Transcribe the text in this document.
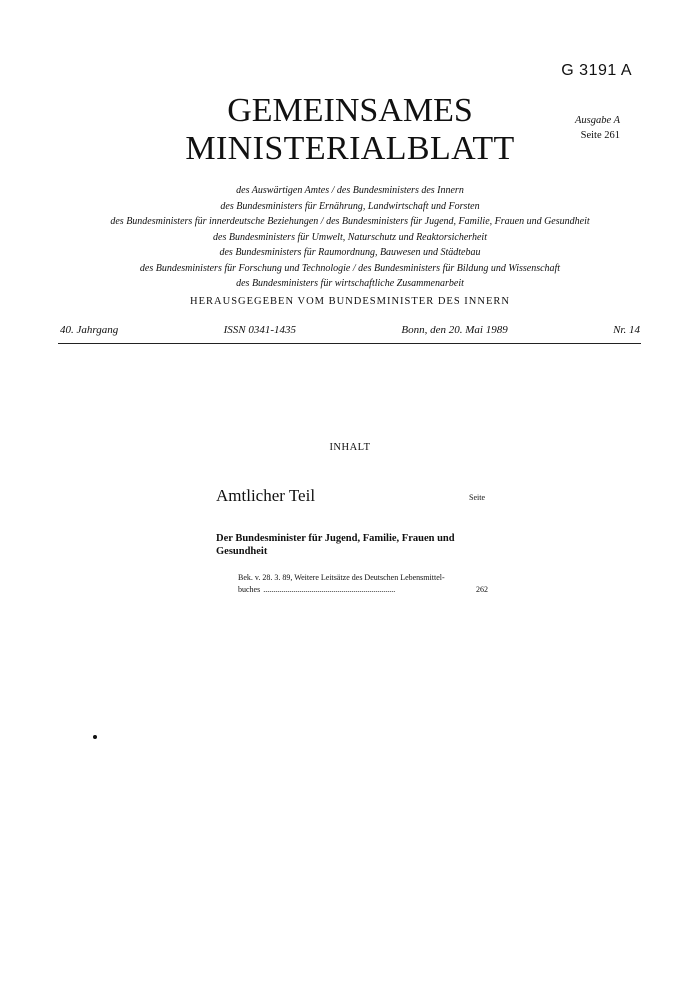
G 3191 A
GEMEINSAMES
MINISTERIALBLATT
Ausgabe A
Seite 261
des Auswärtigen Amtes / des Bundesministers des Innern
des Bundesministers für Ernährung, Landwirtschaft und Forsten
des Bundesministers für innerdeutsche Beziehungen / des Bundesministers für Jugend, Familie, Frauen und Gesundheit
des Bundesministers für Umwelt, Naturschutz und Reaktorsicherheit
des Bundesministers für Raumordnung, Bauwesen und Städtebau
des Bundesministers für Forschung und Technologie / des Bundesministers für Bildung und Wissenschaft
des Bundesministers für wirtschaftliche Zusammenarbeit
HERAUSGEGEBEN VOM BUNDESMINISTER DES INNERN
40. Jahrgang	ISSN 0341-1435	Bonn, den 20. Mai 1989	Nr. 14
INHALT
Amtlicher Teil	Seite
Der Bundesminister für Jugend, Familie, Frauen und Gesundheit
Bek. v. 28. 3. 89, Weitere Leitsätze des Deutschen Lebensmittel-
buches ..................................................................	262
